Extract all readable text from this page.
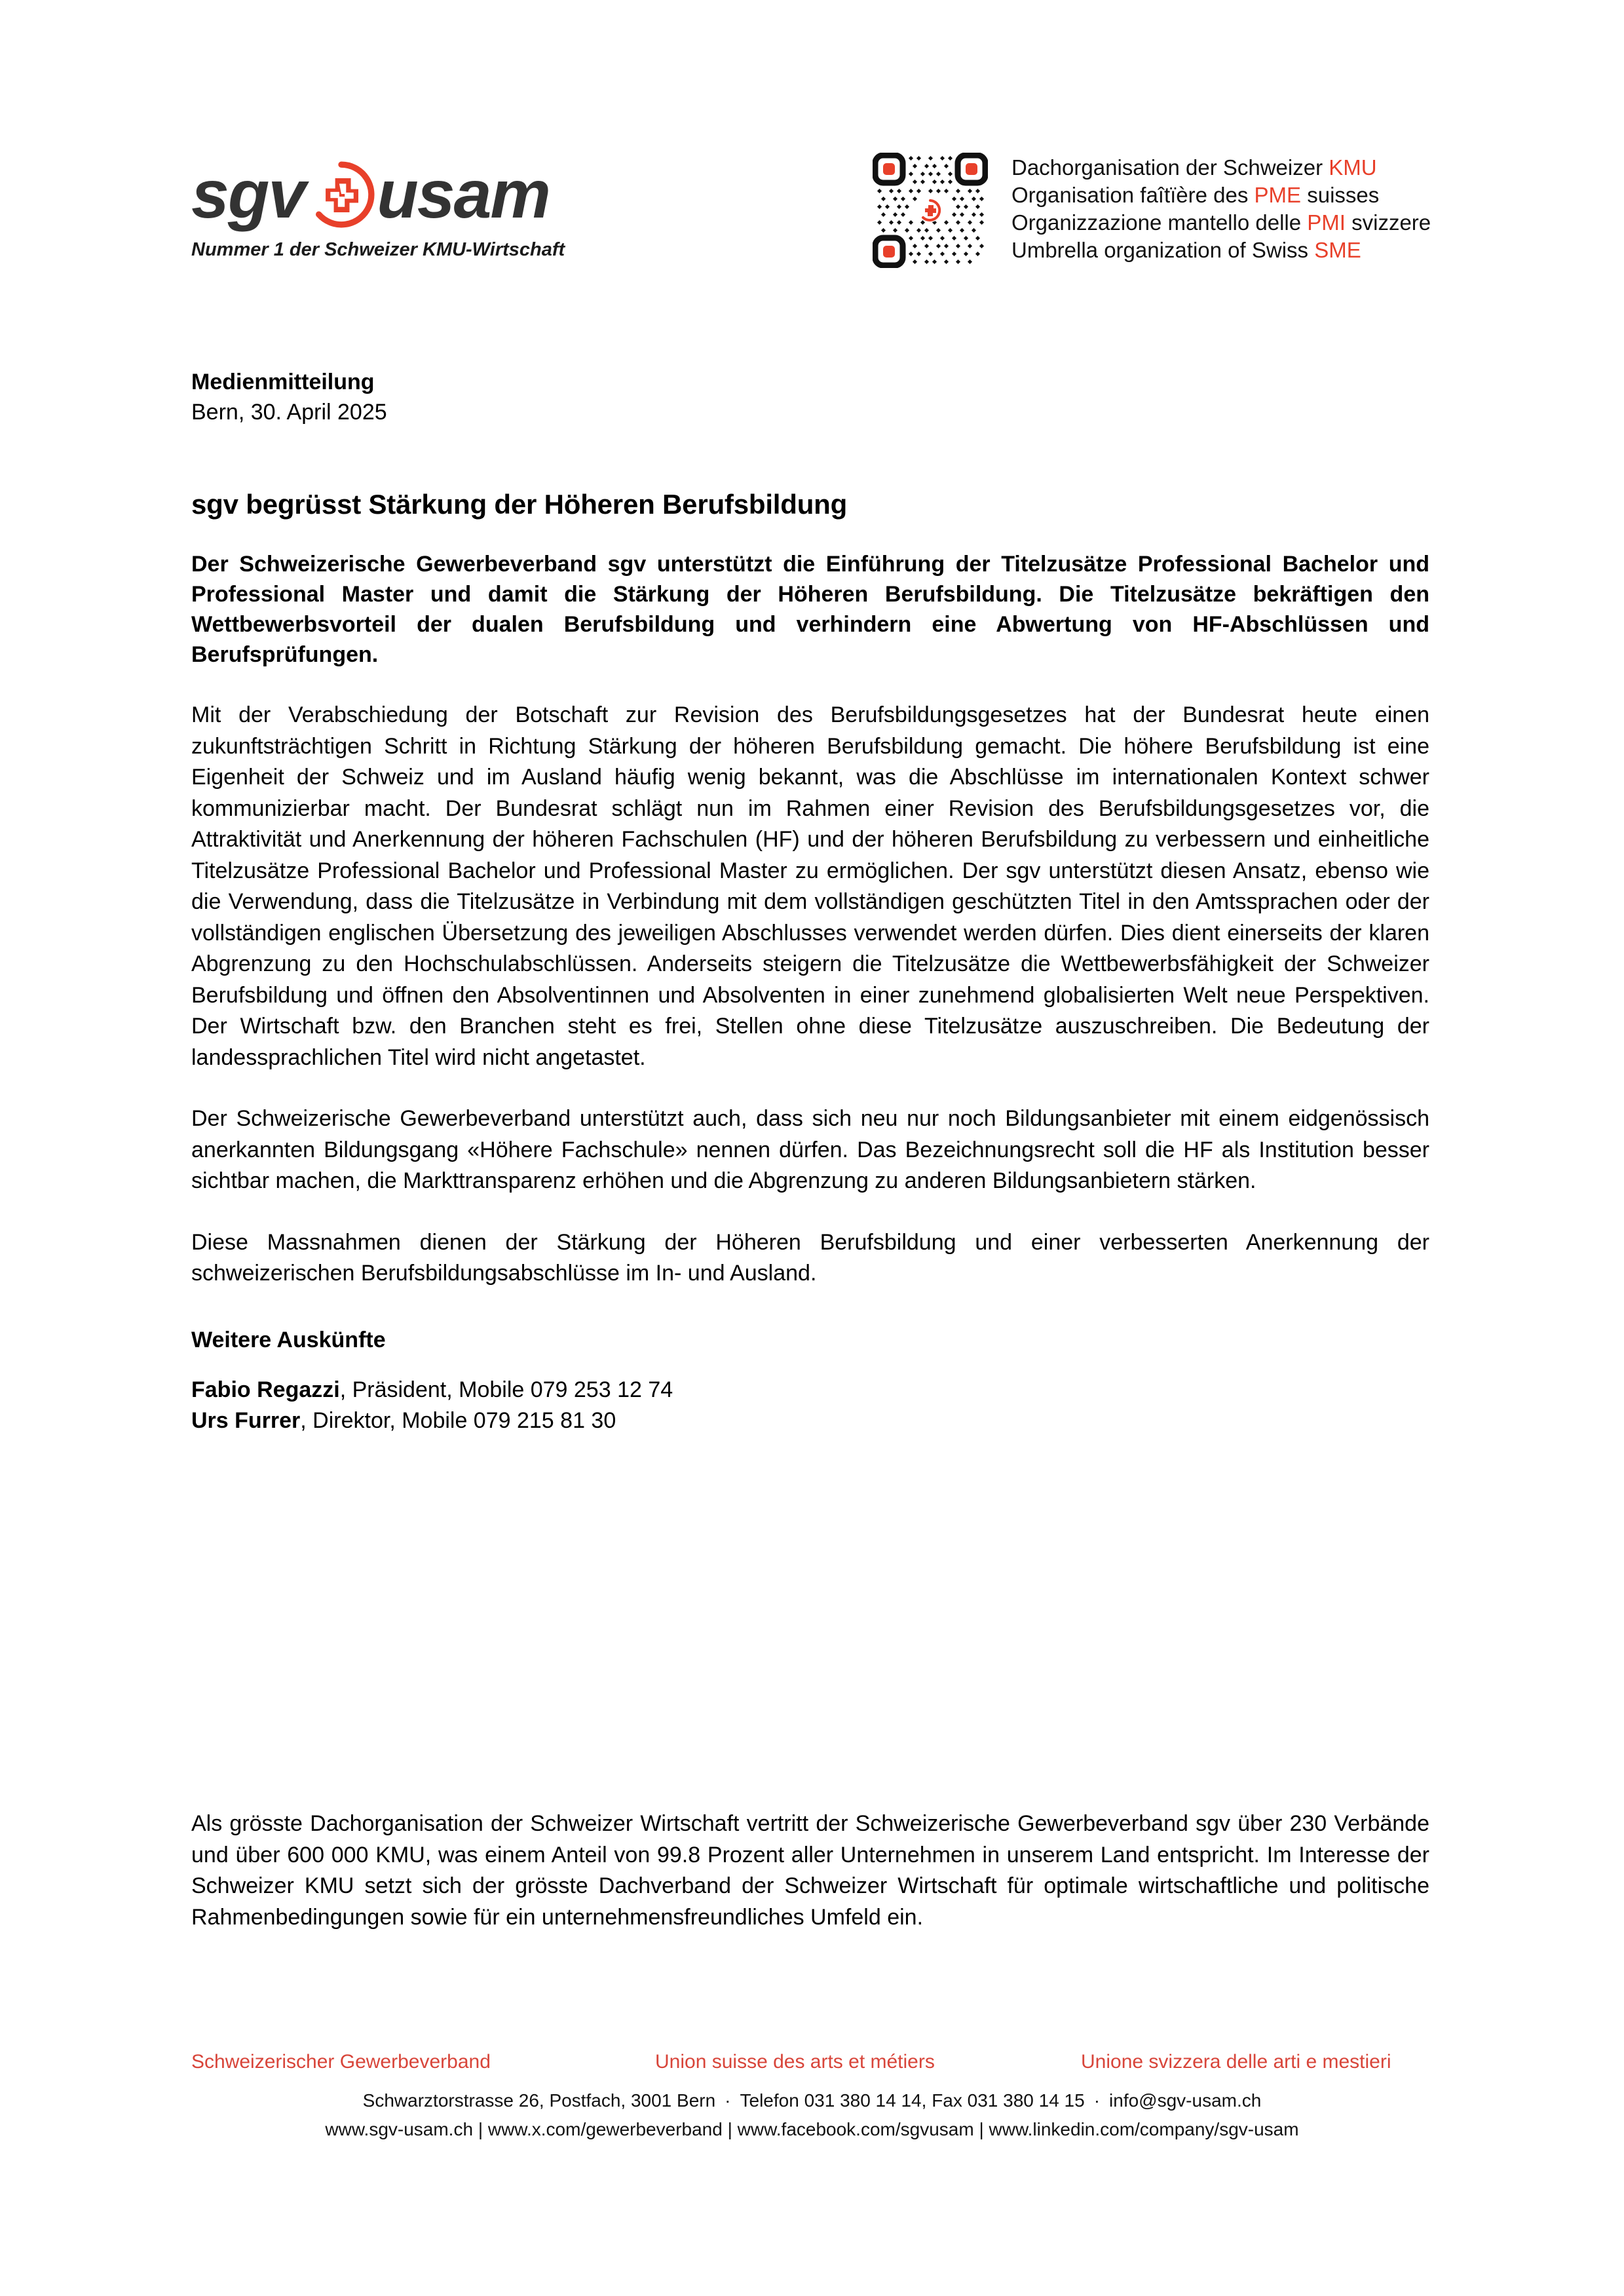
sgv usam
Nummer 1 der Schweizer KMU-Wirtschaft
Dachorganisation der Schweizer KMU
Organisation faîtïère des PME suisses
Organizzazione mantello delle PMI svizzere
Umbrella organization of Swiss SME
Medienmitteilung
Bern, 30. April 2025
sgv begrüsst Stärkung der Höheren Berufsbildung
Der Schweizerische Gewerbeverband sgv unterstützt die Einführung der Titelzusätze Professional Bachelor und Professional Master und damit die Stärkung der Höheren Berufsbildung. Die Titelzusätze bekräftigen den Wettbewerbsvorteil der dualen Berufsbildung und verhindern eine Abwertung von HF-Abschlüssen und Berufsprüfungen.

Mit der Verabschiedung der Botschaft zur Revision des Berufsbildungsgesetzes hat der Bundesrat heute einen zukunftsträchtigen Schritt in Richtung Stärkung der höheren Berufsbildung gemacht. Die höhere Berufsbildung ist eine Eigenheit der Schweiz und im Ausland häufig wenig bekannt, was die Abschlüsse im internationalen Kontext schwer kommunizierbar macht. Der Bundesrat schlägt nun im Rahmen einer Revision des Berufsbildungsgesetzes vor, die Attraktivität und Anerkennung der höheren Fachschulen (HF) und der höheren Berufsbildung zu verbessern und einheitliche Titelzusätze Professional Bachelor und Professional Master zu ermöglichen. Der sgv unterstützt diesen Ansatz, ebenso wie die Verwendung, dass die Titelzusätze in Verbindung mit dem vollständigen geschützten Titel in den Amtssprachen oder der vollständigen englischen Übersetzung des jeweiligen Abschlusses verwendet werden dürfen. Dies dient einerseits der klaren Abgrenzung zu den Hochschulabschlüssen. Anderseits steigern die Titelzusätze die Wettbewerbsfähigkeit der Schweizer Berufsbildung und öffnen den Absolventinnen und Absolventen in einer zunehmend globalisierten Welt neue Perspektiven. Der Wirtschaft bzw. den Branchen steht es frei, Stellen ohne diese Titelzusätze auszuschreiben. Die Bedeutung der landessprachlichen Titel wird nicht angetastet.

Der Schweizerische Gewerbeverband unterstützt auch, dass sich neu nur noch Bildungsanbieter mit einem eidgenössisch anerkannten Bildungsgang «Höhere Fachschule» nennen dürfen. Das Bezeichnungsrecht soll die HF als Institution besser sichtbar machen, die Markttransparenz erhöhen und die Abgrenzung zu anderen Bildungsanbietern stärken.

Diese Massnahmen dienen der Stärkung der Höheren Berufsbildung und einer verbesserten Anerkennung der schweizerischen Berufsbildungsabschlüsse im In- und Ausland.

Weitere Auskünfte
Fabio Regazzi, Präsident, Mobile 079 253 12 74
Urs Furrer, Direktor, Mobile 079 215 81 30
Als grösste Dachorganisation der Schweizer Wirtschaft vertritt der Schweizerische Gewerbeverband sgv über 230 Verbände und über 600 000 KMU, was einem Anteil von 99.8 Prozent aller Unternehmen in unserem Land entspricht. Im Interesse der Schweizer KMU setzt sich der grösste Dachverband der Schweizer Wirtschaft für optimale wirtschaftliche und politische Rahmenbedingungen sowie für ein unternehmensfreundliches Umfeld ein.
Schweizerischer Gewerbeverband	Union suisse des arts et métiers	Unione svizzera delle arti e mestieri
Schwarztorstrasse 26, Postfach, 3001 Bern · Telefon 031 380 14 14, Fax 031 380 14 15 · info@sgv-usam.ch
www.sgv-usam.ch | www.x.com/gewerbeverband | www.facebook.com/sgvusam | www.linkedin.com/company/sgv-usam
